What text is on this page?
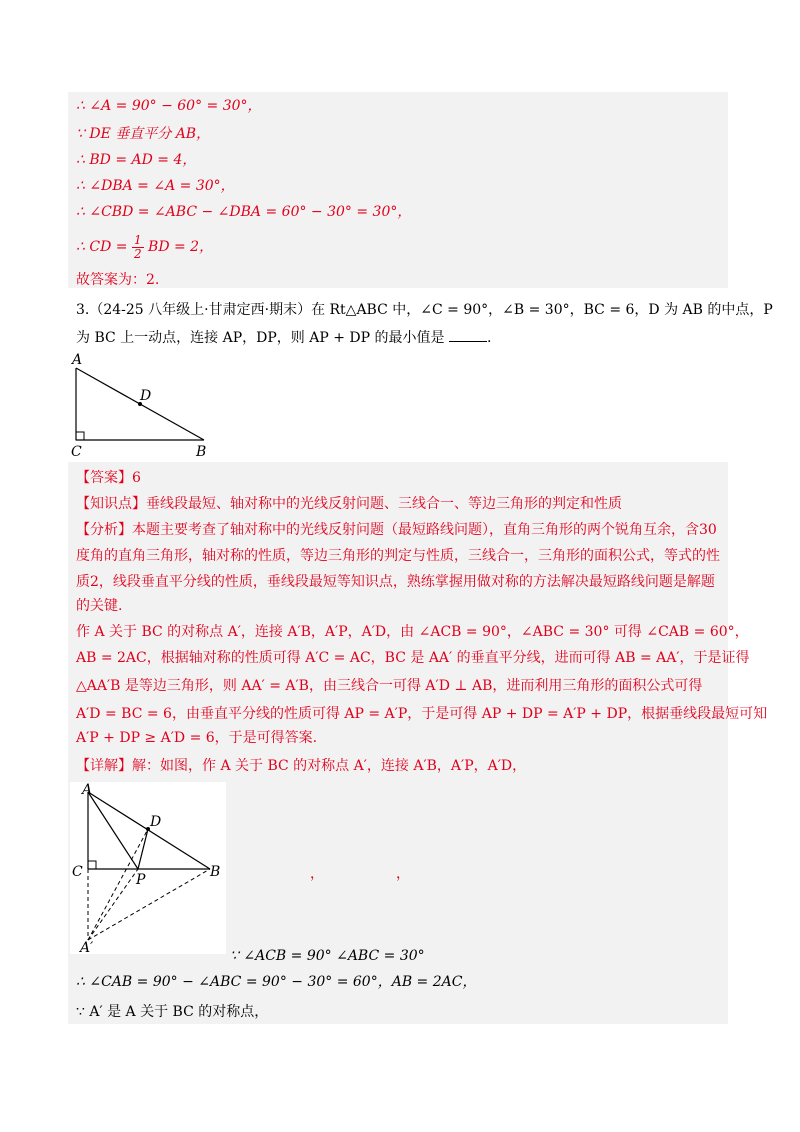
∴ ∠A = 90° − 60° = 30°，
∵ DE 垂直平分 AB，
∴ BD = AD = 4，
∴ ∠DBA = ∠A = 30°，
∴ ∠CBD = ∠ABC − ∠DBA = 60° − 30° = 30°，
∴ CD = $\frac{1}{2}$ BD = 2，
故答案为：2.
3.（24-25 八年级上·甘肃定西·期末）在 Rt△ABC 中，∠C = 90°，∠B = 30°，BC = 6，D 为 AB 的中点，P
为 BC 上一动点，连接 AP，DP，则 AP + DP 的最小值是	.
A
D
C	B
【答案】6
【知识点】垂线段最短、轴对称中的光线反射问题、三线合一、等边三角形的判定和性质
【分析】本题主要考查了轴对称中的光线反射问题（最短路线问题），直角三角形的两个锐角互余，含30
度角的直角三角形，轴对称的性质，等边三角形的判定与性质，三线合一，三角形的面积公式，等式的性
质2，线段垂直平分线的性质，垂线段最短等知识点，熟练掌握用做对称的方法解决最短路线问题是解题
的关键.
作 A 关于 BC 的对称点 A′，连接 A′B，A′P，A′D，由 ∠ACB = 90°，∠ABC = 30° 可得 ∠CAB = 60°，
AB = 2AC，根据轴对称的性质可得 A′C = AC，BC 是 AA′ 的垂直平分线，进而可得 AB = AA′，于是证得
△AA′B 是等边三角形，则 AA′ = A′B，由三线合一可得 A′D ⊥ AB，进而利用三角形的面积公式可得
A′D = BC = 6，由垂直平分线的性质可得 AP = A′P，于是可得 AP + DP = A′P + DP，根据垂线段最短可知
A′P + DP ≥ A′D = 6，于是可得答案.
【详解】解：如图，作 A 关于 BC 的对称点 A′，连接 A′B，A′P，A′D，
A
D
C	P	B
A′
，	，
∵ ∠ACB = 90° ∠ABC = 30°
∴ ∠CAB = 90° − ∠ABC = 90° − 30° = 60°，AB = 2AC，
∵ A′ 是 A 关于 BC 的对称点，
